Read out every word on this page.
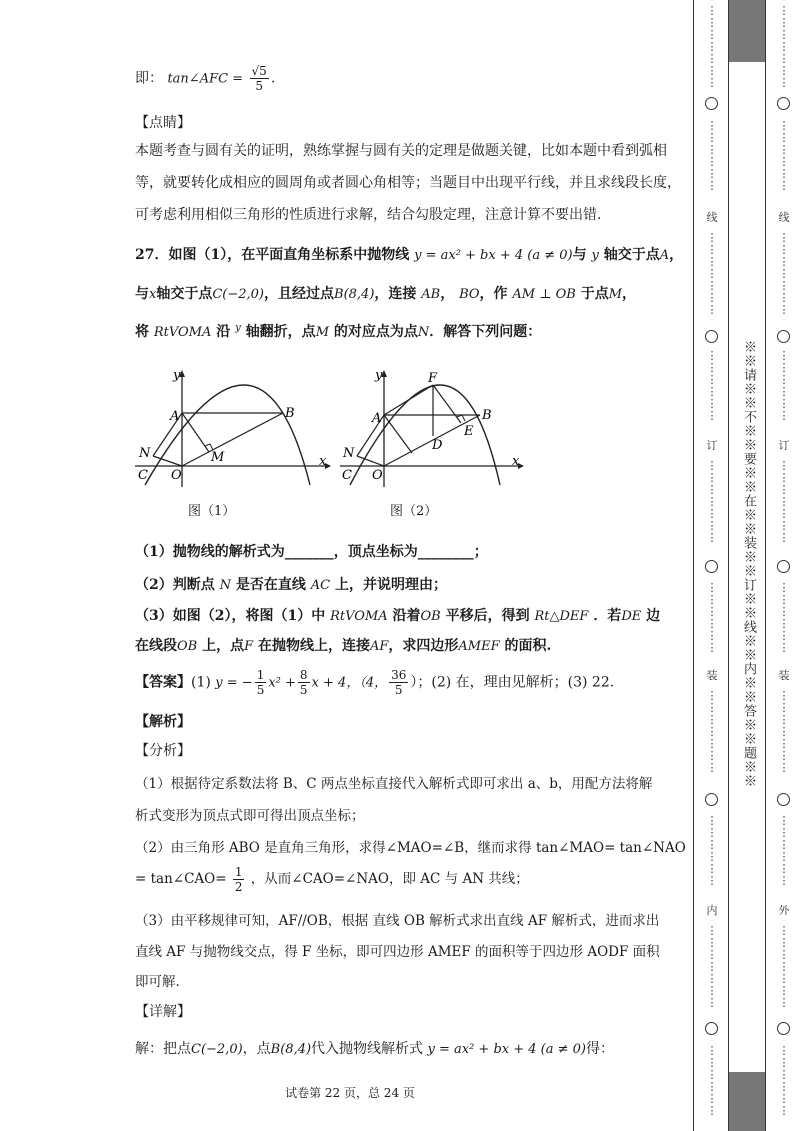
即： tan∠AFC = $\frac{√5}{5}$ .
【点睛】
本题考查与圆有关的证明，熟练掌握与圆有关的定理是做题关键，比如本题中看到弧相
等，就要转化成相应的圆周角或者圆心角相等；当题目中出现平行线，并且求线段长度，
可考虑利用相似三角形的性质进行求解，结合勾股定理，注意计算不要出错.
27．如图（1），在平面直角坐标系中抛物线 y = ax² + bx + 4 (a ≠ 0)与 y 轴交于点A，
与x轴交于点C(−2,0)，且经过点B(8,4)，连接 AB， BO，作 AM ⊥ OB 于点M，
将 RtVOMA 沿 $^y$ 轴翻折，点M 的对应点为点N．解答下列问题：
y
x
A	B
N
C O
M
图（1）
y
x
A	B
N
C O
F
D
E
图（2）
（1）抛物线的解析式为_______，顶点坐标为________；
（2）判断点 N 是否在直线 AC 上，并说明理由；
（3）如图（2），将图（1）中 RtVOMA 沿着OB 平移后，得到 Rt△DEF ．若DE 边
在线段OB 上，点F 在抛物线上，连接AF，求四边形AMEF 的面积.
【答案】(1) y = − $\frac{1}{5} x^2 + \frac{8}{5}$ x + 4，（4， $\frac{36}{5}$ ）；(2) 在，理由见解析；(3) 22.
【解析】
【分析】
（1）根据待定系数法将 B、C 两点坐标直接代入解析式即可求出 a、b，用配方法将解
析式变形为顶点式即可得出顶点坐标；
（2）由三角形 ABO 是直角三角形，求得∠MAO=∠B，继而求得 tan∠MAO= tan∠NAO
= tan∠CAO= $\frac{1}{2}$ ，从而∠CAO=∠NAO，即 AC 与 AN 共线；
（3）由平移规律可知，AF//OB，根据 直线 OB 解析式求出直线 AF 解析式，进而求出
直线 AF 与抛物线交点，得 F 坐标，即可四边形 AMEF 的面积等于四边形 AODF 面积
即可解.
【详解】
解：把点C(−2,0)，点B(8,4)代入抛物线解析式 y = ax² + bx + 4 (a ≠ 0)得：
试卷第 22 页，总 24 页
※※请※※不※※要※※在※※装※※订※※线※※内※※答※※题※※
⋮
⋮
⋮
⋮
⋮
⋮
⋮
⋮
⋮
⋮
⋮
⋮
⋮
线
⋮
⋮
⋮
⋮
⋮
⋮
⋮
⋮
⋮
⋮
⋮
⋮
⋮
订
⋮
⋮
⋮
⋮
⋮
⋮
⋮
⋮
⋮
⋮
⋮
⋮
⋮
装
⋮
⋮
⋮
⋮
⋮
⋮
⋮
⋮
⋮
⋮
⋮
⋮
⋮
内
⋮
⋮
⋮
⋮
⋮
⋮
⋮
⋮
⋮
⋮
⋮
⋮
⋮
⋮
⋮
⋮
⋮
⋮
⋮
⋮
⋮
⋮
⋮
⋮
⋮
⋮
线
⋮
⋮
⋮
⋮
⋮
⋮
⋮
⋮
⋮
⋮
⋮
⋮
⋮
订
⋮
⋮
⋮
⋮
⋮
⋮
⋮
⋮
⋮
⋮
⋮
⋮
⋮
装
⋮
⋮
⋮
⋮
⋮
⋮
⋮
⋮
⋮
⋮
⋮
⋮
⋮
外
⋮
⋮
⋮
⋮
⋮
⋮
⋮
⋮
⋮
⋮
⋮
⋮
⋮
